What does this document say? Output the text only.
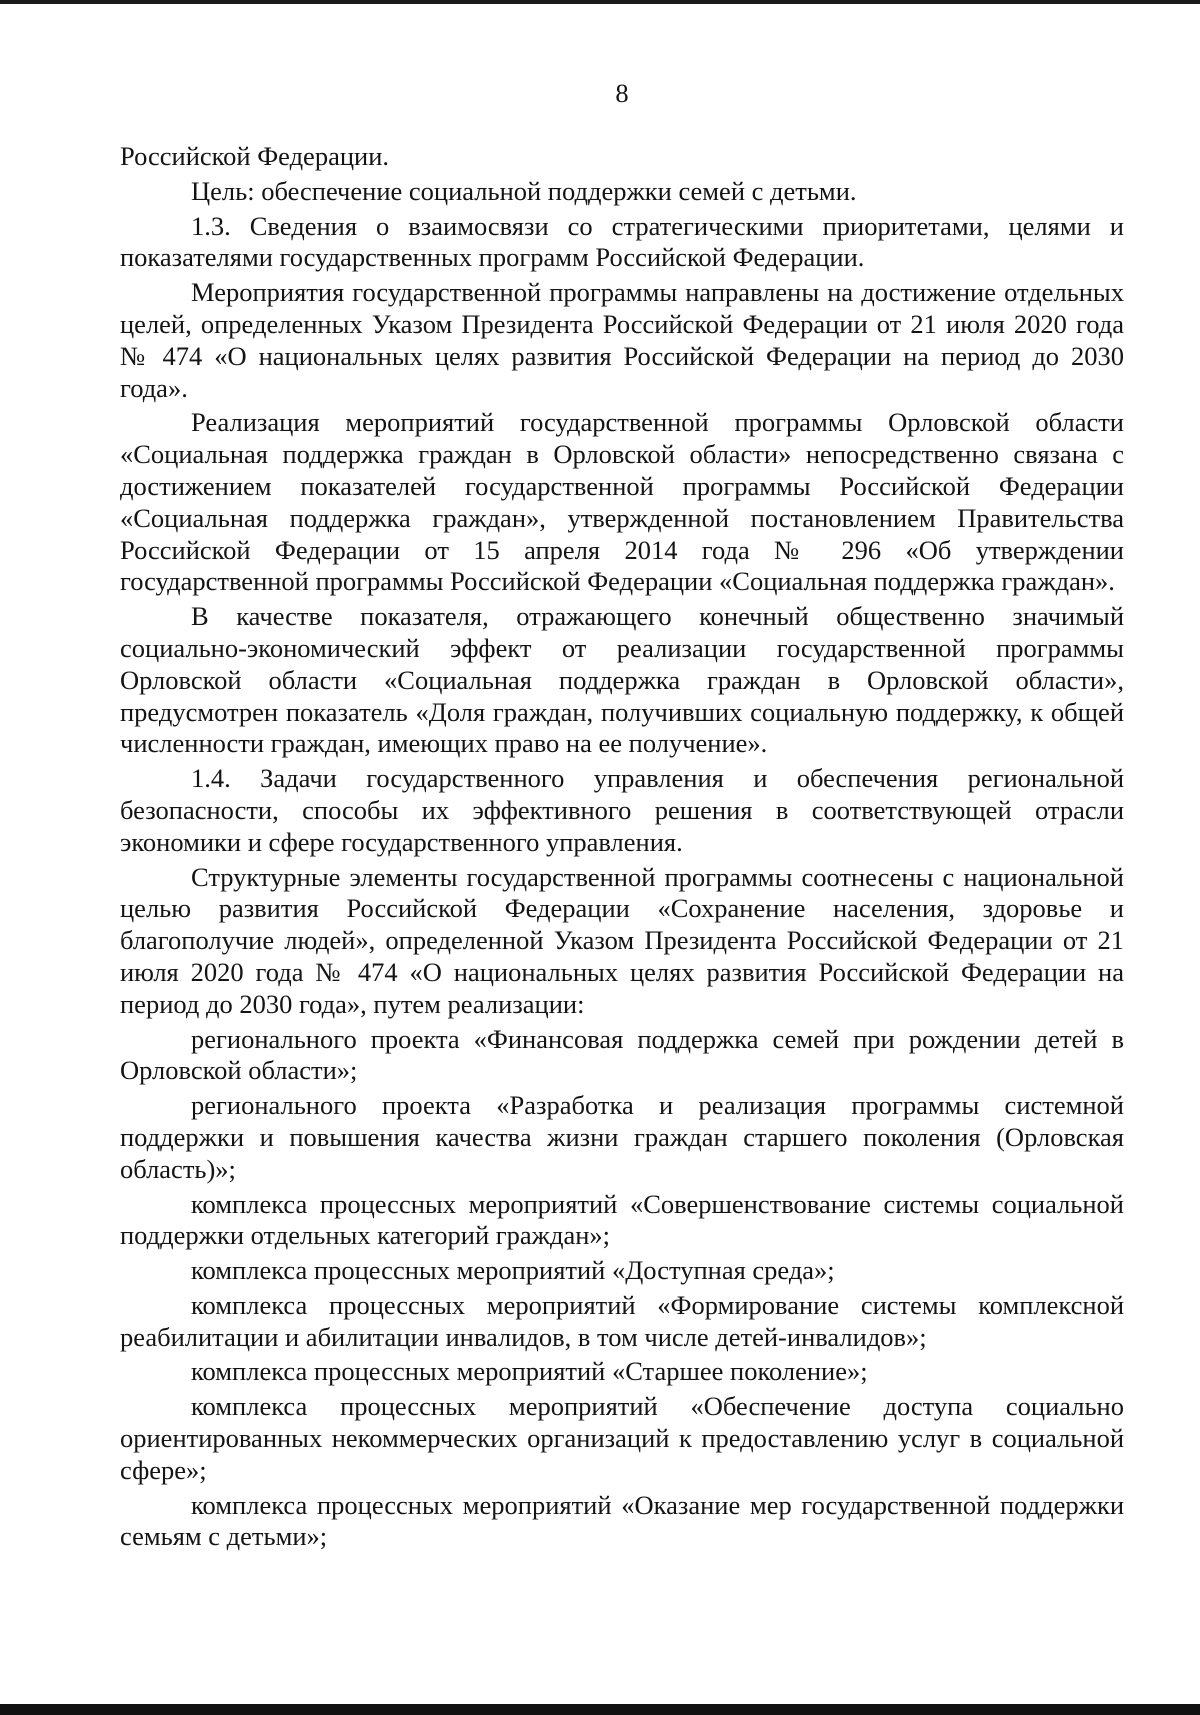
8

Российской Федерации.

Цель: обеспечение социальной поддержки семей с детьми.

1.3. Сведения о взаимосвязи со стратегическими приоритетами, целями и показателями государственных программ Российской Федерации.

Мероприятия государственной программы направлены на достижение отдельных целей, определенных Указом Президента Российской Федерации от 21 июля 2020 года № 474 «О национальных целях развития Российской Федерации на период до 2030 года».

Реализация мероприятий государственной программы Орловской области «Социальная поддержка граждан в Орловской области» непосредственно связана с достижением показателей государственной программы Российской Федерации «Социальная поддержка граждан», утвержденной постановлением Правительства Российской Федерации от 15 апреля 2014 года № 296 «Об утверждении государственной программы Российской Федерации «Социальная поддержка граждан».

В качестве показателя, отражающего конечный общественно значимый социально-экономический эффект от реализации государственной программы Орловской области «Социальная поддержка граждан в Орловской области», предусмотрен показатель «Доля граждан, получивших социальную поддержку, к общей численности граждан, имеющих право на ее получение».

1.4. Задачи государственного управления и обеспечения региональной безопасности, способы их эффективного решения в соответствующей отрасли экономики и сфере государственного управления.

Структурные элементы государственной программы соотнесены с национальной целью развития Российской Федерации «Сохранение населения, здоровье и благополучие людей», определенной Указом Президента Российской Федерации от 21 июля 2020 года № 474 «О национальных целях развития Российской Федерации на период до 2030 года», путем реализации:

регионального проекта «Финансовая поддержка семей при рождении детей в Орловской области»;

регионального проекта «Разработка и реализация программы системной поддержки и повышения качества жизни граждан старшего поколения (Орловская область)»;

комплекса процессных мероприятий «Совершенствование системы социальной поддержки отдельных категорий граждан»;

комплекса процессных мероприятий «Доступная среда»;

комплекса процессных мероприятий «Формирование системы комплексной реабилитации и абилитации инвалидов, в том числе детей-инвалидов»;

комплекса процессных мероприятий «Старшее поколение»;

комплекса процессных мероприятий «Обеспечение доступа социально ориентированных некоммерческих организаций к предоставлению услуг в социальной сфере»;

комплекса процессных мероприятий «Оказание мер государственной поддержки семьям с детьми»;
